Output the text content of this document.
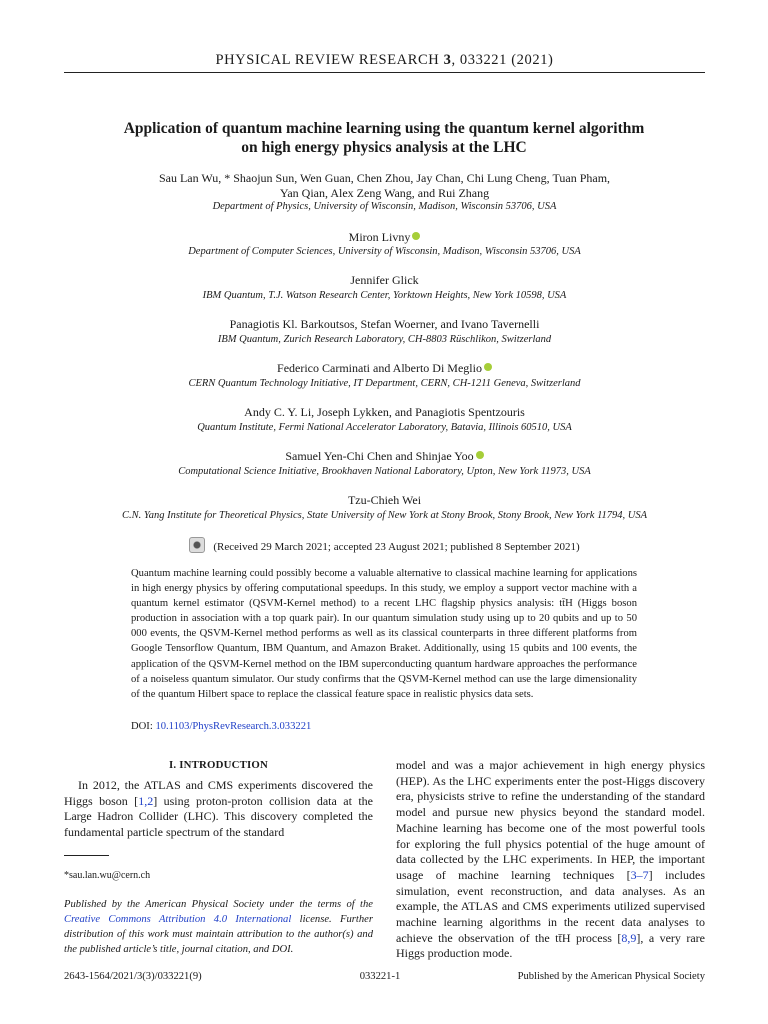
PHYSICAL REVIEW RESEARCH 3, 033221 (2021)
Application of quantum machine learning using the quantum kernel algorithm
on high energy physics analysis at the LHC
Sau Lan Wu, * Shaojun Sun, Wen Guan, Chen Zhou, Jay Chan, Chi Lung Cheng, Tuan Pham,
Yan Qian, Alex Zeng Wang, and Rui Zhang
Department of Physics, University of Wisconsin, Madison, Wisconsin 53706, USA
Miron Livny
Department of Computer Sciences, University of Wisconsin, Madison, Wisconsin 53706, USA
Jennifer Glick
IBM Quantum, T.J. Watson Research Center, Yorktown Heights, New York 10598, USA
Panagiotis Kl. Barkoutsos, Stefan Woerner, and Ivano Tavernelli
IBM Quantum, Zurich Research Laboratory, CH-8803 Rüschlikon, Switzerland
Federico Carminati and Alberto Di Meglio
CERN Quantum Technology Initiative, IT Department, CERN, CH-1211 Geneva, Switzerland
Andy C. Y. Li, Joseph Lykken, and Panagiotis Spentzouris
Quantum Institute, Fermi National Accelerator Laboratory, Batavia, Illinois 60510, USA
Samuel Yen-Chi Chen and Shinjae Yoo
Computational Science Initiative, Brookhaven National Laboratory, Upton, New York 11973, USA
Tzu-Chieh Wei
C.N. Yang Institute for Theoretical Physics, State University of New York at Stony Brook, Stony Brook, New York 11794, USA
(Received 29 March 2021; accepted 23 August 2021; published 8 September 2021)
Quantum machine learning could possibly become a valuable alternative to classical machine learning for applications in high energy physics by offering computational speedups. In this study, we employ a support vector machine with a quantum kernel estimator (QSVM-Kernel method) to a recent LHC flagship physics analysis: tt̄H (Higgs boson production in association with a top quark pair). In our quantum simulation study using up to 20 qubits and up to 50 000 events, the QSVM-Kernel method performs as well as its classical counterparts in three different platforms from Google Tensorflow Quantum, IBM Quantum, and Amazon Braket. Additionally, using 15 qubits and 100 events, the application of the QSVM-Kernel method on the IBM superconducting quantum hardware approaches the performance of a noiseless quantum simulator. Our study confirms that the QSVM-Kernel method can use the large dimensionality of the quantum Hilbert space to replace the classical feature space in realistic physics data sets.
DOI: 10.1103/PhysRevResearch.3.033221
I. INTRODUCTION

In 2012, the ATLAS and CMS experiments discovered the Higgs boson [1,2] using proton-proton collision data at the Large Hadron Collider (LHC). This discovery completed the fundamental particle spectrum of the standard

model and was a major achievement in high energy physics (HEP). As the LHC experiments enter the post-Higgs discovery era, physicists strive to refine the understanding of the standard model and pursue new physics beyond the standard model. Machine learning has become one of the most powerful tools for exploring the full physics potential of the huge amount of data collected by the LHC experiments. In HEP, the important usage of machine learning techniques [3–7] includes simulation, event reconstruction, and data analyses. As an example, the ATLAS and CMS experiments utilized supervised machine learning algorithms in the recent data analyses to achieve the observation of the tt̄H process [8,9], a very rare Higgs production mode.

*sau.lan.wu@cern.ch
Published by the American Physical Society under the terms of the Creative Commons Attribution 4.0 International license. Further distribution of this work must maintain attribution to the author(s) and the published article’s title, journal citation, and DOI.
2643-1564/2021/3(3)/033221(9)	033221-1	Published by the American Physical Society
